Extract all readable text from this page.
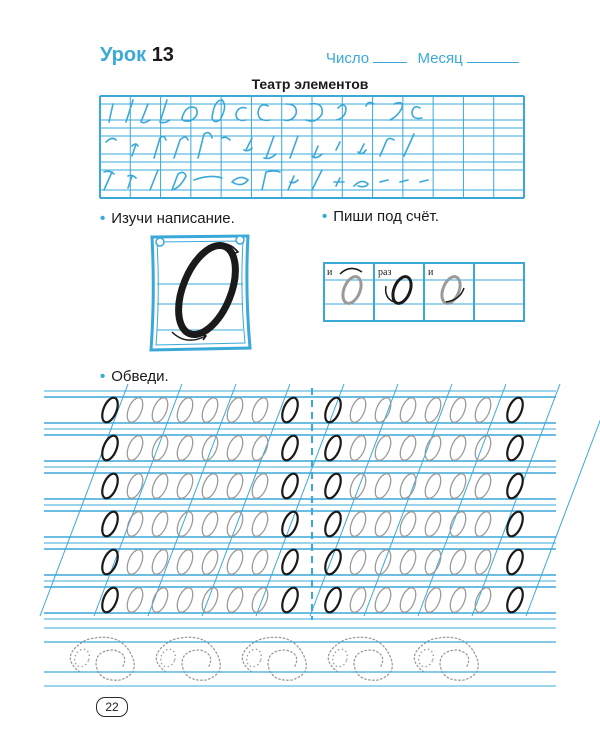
Урок 13	Число	Месяц
Театр элементов
• Изучи написание.	• Пиши под счёт.
• Обведи.
и	раз	и
22
